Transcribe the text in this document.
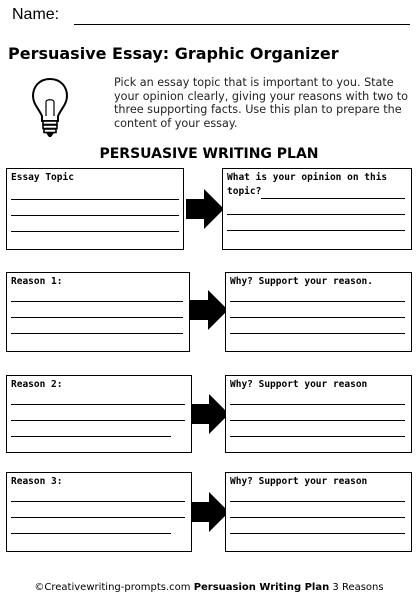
Name:
Persuasive Essay: Graphic Organizer
Pick an essay topic that is important to you. State your opinion clearly, giving your reasons with two to three supporting facts. Use this plan to prepare the content of your essay.
PERSUASIVE WRITING PLAN
Essay Topic	What is your opinion on this
topic?
Reason 1:	Why? Support your reason.
Reason 2:	Why? Support your reason
Reason 3:	Why? Support your reason
©Creativewriting-prompts.com Persuasion Writing Plan 3 Reasons
